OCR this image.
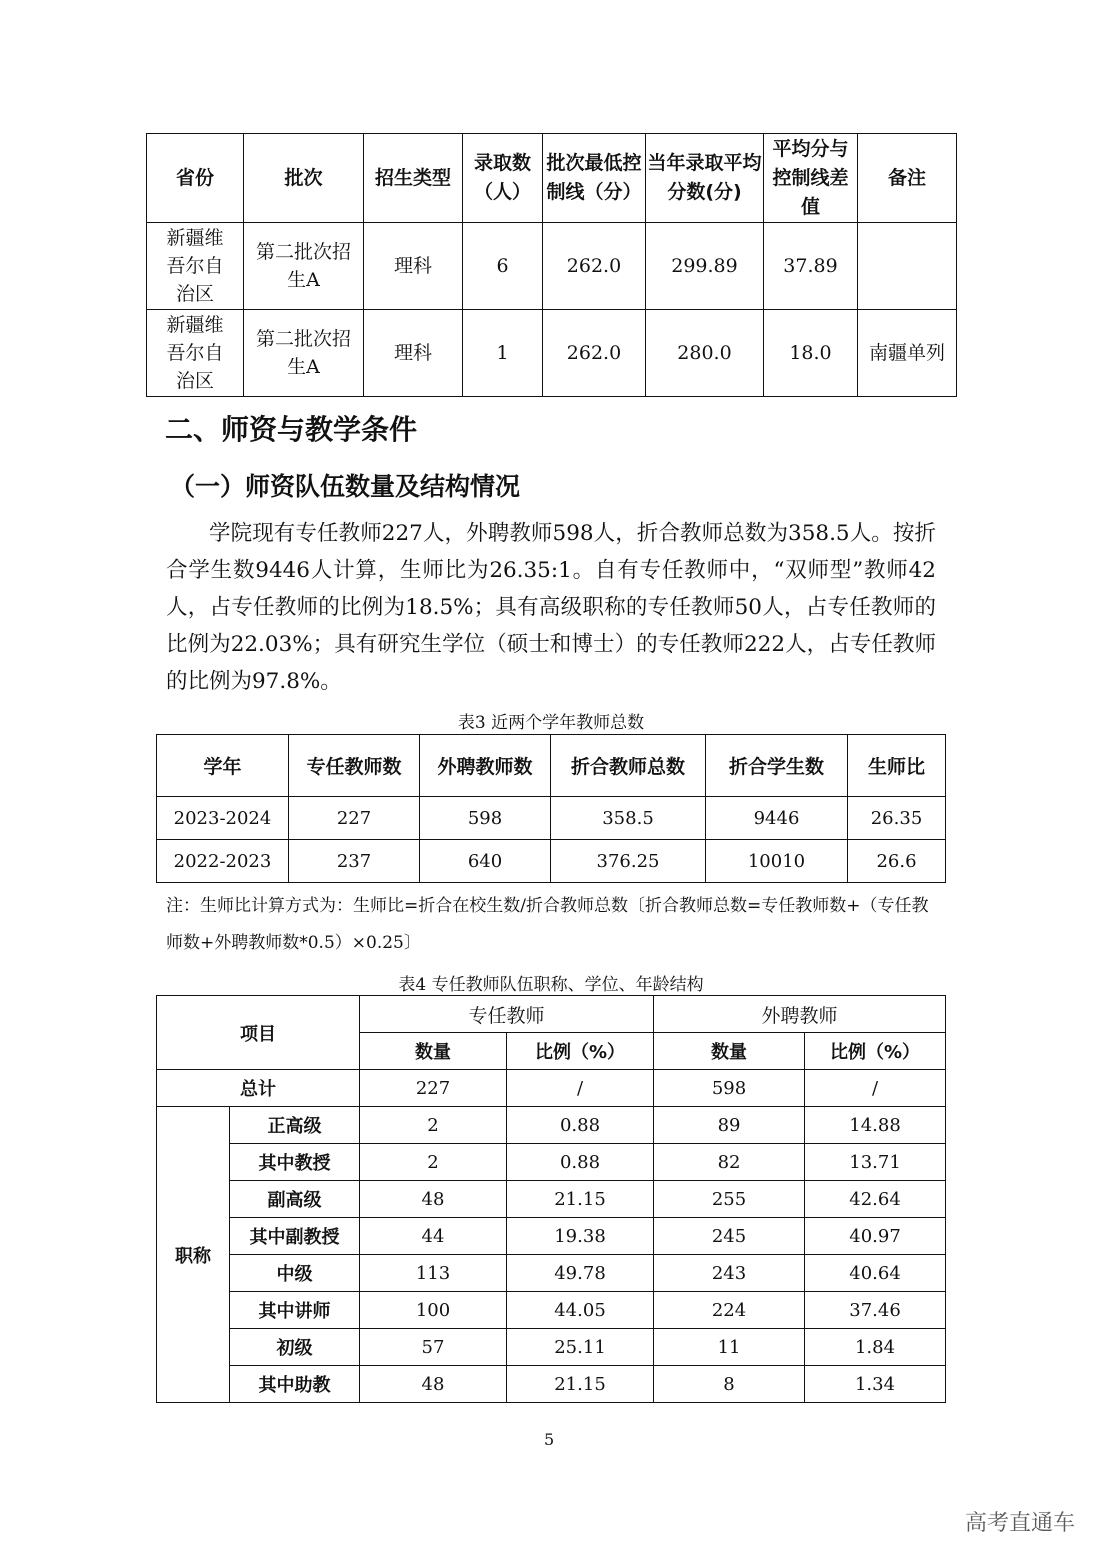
省份	批次	招生类型	录取数（人）	批次最低控制线（分）	当年录取平均分数(分)	平均分与控制线差值	备注
新疆维吾尔自治区	第二批次招生A	理科	6	262.0	299.89	37.89	
新疆维吾尔自治区	第二批次招生A	理科	1	262.0	280.0	18.0	南疆单列
二、师资与教学条件
（一）师资队伍数量及结构情况
学院现有专任教师227人，外聘教师598人，折合教师总数为358.5人。按折合学生数9446人计算，生师比为26.35:1。自有专任教师中，“双师型”教师42人，占专任教师的比例为18.5%；具有高级职称的专任教师50人，占专任教师的比例为22.03%；具有研究生学位（硕士和博士）的专任教师222人，占专任教师的比例为97.8%。
表3 近两个学年教师总数
学年	专任教师数	外聘教师数	折合教师总数	折合学生数	生师比
2023-2024	227	598	358.5	9446	26.35
2022-2023	237	640	376.25	10010	26.6
注：生师比计算方式为：生师比=折合在校生数/折合教师总数〔折合教师总数=专任教师数+（专任教师数+外聘教师数*0.5）×0.25〕
表4 专任教师队伍职称、学位、年龄结构
项目		专任教师		外聘教师	
		数量	比例（%）	数量	比例（%）
总计		227	/	598	/
职称	正高级	2	0.88	89	14.88
	其中教授	2	0.88	82	13.71
	副高级	48	21.15	255	42.64
	其中副教授	44	19.38	245	40.97
	中级	113	49.78	243	40.64
	其中讲师	100	44.05	224	37.46
	初级	57	25.11	11	1.84
	其中助教	48	21.15	8	1.34
5
高考直通车
